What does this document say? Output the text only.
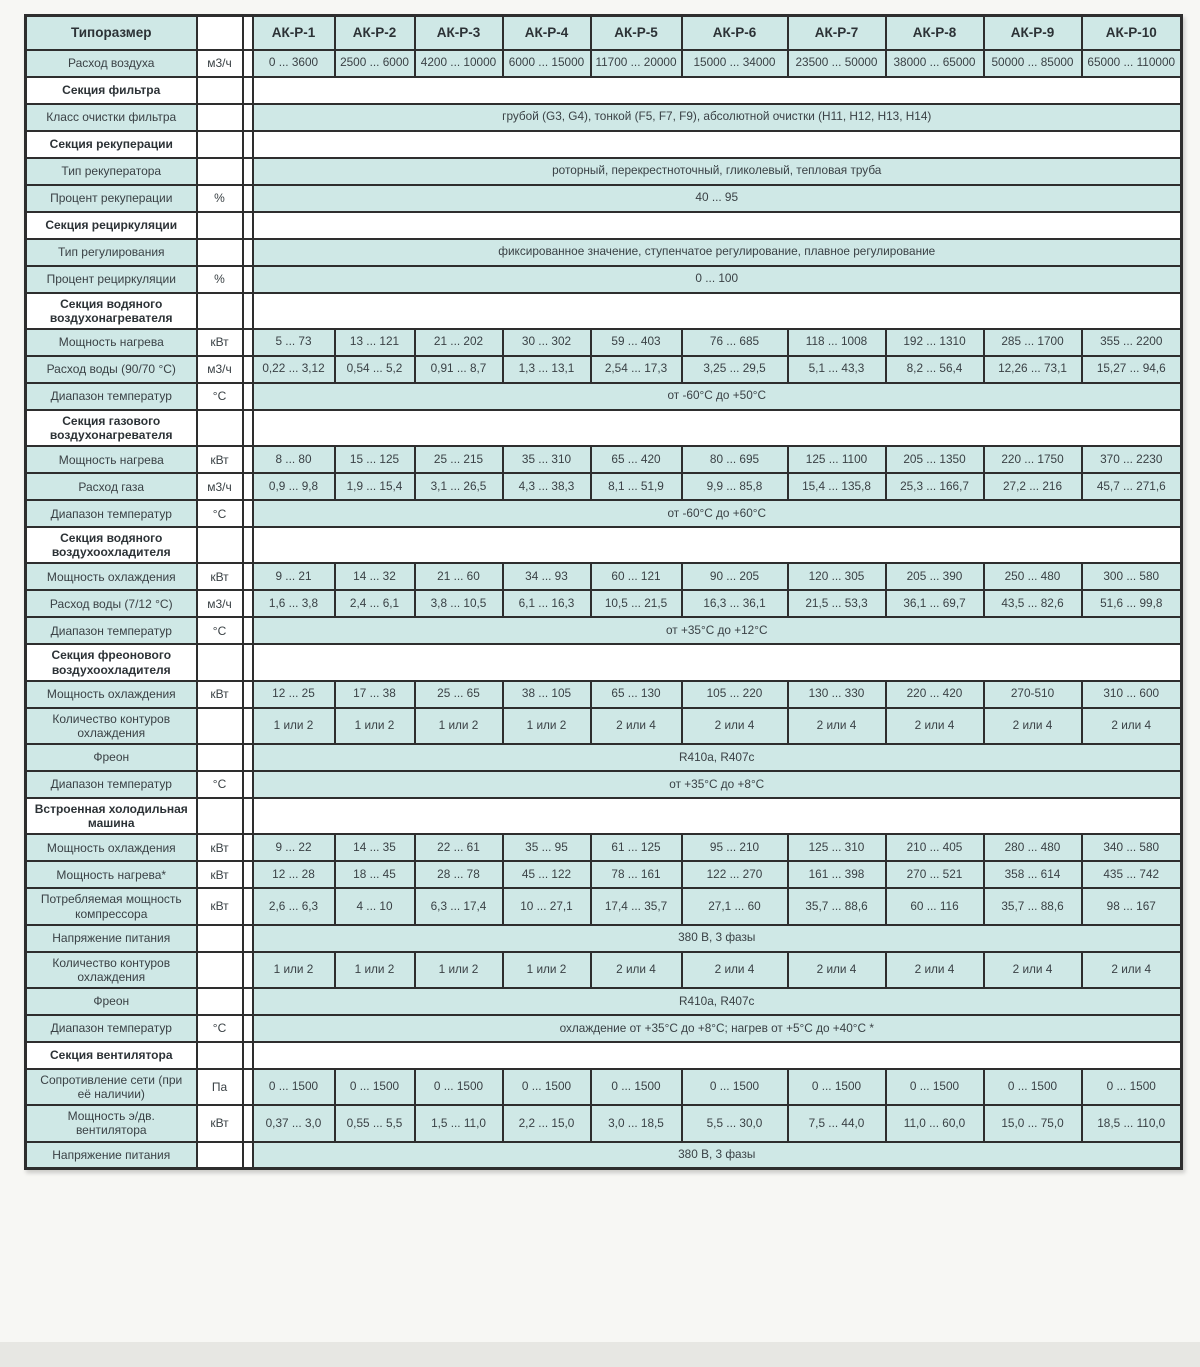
Типоразмер			АК-Р-1	АК-Р-2	АК-Р-3	АК-Р-4	АК-Р-5	АК-Р-6	АК-Р-7	АК-Р-8	АК-Р-9	АК-Р-10
Расход воздуха	м3/ч		0 ... 3600	2500 ... 6000	4200 ... 10000	6000 ... 15000	11700 ... 20000	15000 ... 34000	23500 ... 50000	38000 ... 65000	50000 ... 85000	65000 ... 110000
Секция фильтра												
Класс очистки фильтра			грубой (G3, G4), тонкой (F5, F7, F9), абсолютной очистки (H11, H12, H13, H14)									
Секция рекуперации												
Тип рекуператора			роторный, перекрестноточный, гликолевый, тепловая труба									
Процент рекуперации	%		40 ... 95									
Секция рециркуляции												
Тип регулирования			фиксированное значение, ступенчатое регулирование, плавное регулирование									
Процент рециркуляции	%		0 ... 100									
Секция водяного воздухонагревателя												
Мощность нагрева	кВт		5 ... 73	13 ... 121	21 ... 202	30 ... 302	59 ... 403	76 ... 685	118 ... 1008	192 ... 1310	285 ... 1700	355 ... 2200
Расход воды (90/70 °С)	м3/ч		0,22 ... 3,12	0,54 ... 5,2	0,91 ... 8,7	1,3 ... 13,1	2,54 ... 17,3	3,25 ... 29,5	5,1 ... 43,3	8,2 ... 56,4	12,26 ... 73,1	15,27 ... 94,6
Диапазон температур	°С		от -60°С до +50°С									
Секция газового воздухонагревателя												
Мощность нагрева	кВт		8 ... 80	15 ... 125	25 ... 215	35 ... 310	65 ... 420	80 ... 695	125 ... 1100	205 ... 1350	220 ... 1750	370 ... 2230
Расход газа	м3/ч		0,9 ... 9,8	1,9 ... 15,4	3,1 ... 26,5	4,3 ... 38,3	8,1 ... 51,9	9,9 ... 85,8	15,4 ... 135,8	25,3 ... 166,7	27,2 ... 216	45,7 ... 271,6
Диапазон температур	°С		от -60°С до +60°С									
Секция водяного воздухоохладителя												
Мощность охлаждения	кВт		9 ... 21	14 ... 32	21 ... 60	34 ... 93	60 ... 121	90 ... 205	120 ... 305	205 ... 390	250 ... 480	300 ... 580
Расход воды (7/12 °С)	м3/ч		1,6 ... 3,8	2,4 ... 6,1	3,8 ... 10,5	6,1 ... 16,3	10,5 ... 21,5	16,3 ... 36,1	21,5 ... 53,3	36,1 ... 69,7	43,5 ... 82,6	51,6 ... 99,8
Диапазон температур	°С		от +35°С до +12°С									
Секция фреонового воздухоохладителя												
Мощность охлаждения	кВт		12 ... 25	17 ... 38	25 ... 65	38 ... 105	65 ... 130	105 ... 220	130 ... 330	220 ... 420	270-510	310 ... 600
Количество контуров охлаждения			1 или 2	1 или 2	1 или 2	1 или 2	2 или 4	2 или 4	2 или 4	2 или 4	2 или 4	2 или 4
Фреон			R410a, R407c									
Диапазон температур	°С		от +35°С до +8°С									
Встроенная холодильная машина												
Мощность охлаждения	кВт		9 ... 22	14 ... 35	22 ... 61	35 ... 95	61 ... 125	95 ... 210	125 ... 310	210 ... 405	280 ... 480	340 ... 580
Мощность нагрева*	кВт		12 ... 28	18 ... 45	28 ... 78	45 ... 122	78 ... 161	122 ... 270	161 ... 398	270 ... 521	358 ... 614	435 ... 742
Потребляемая мощность компрессора	кВт		2,6 ... 6,3	4 ... 10	6,3 ... 17,4	10 ... 27,1	17,4 ... 35,7	27,1 ... 60	35,7 ... 88,6	60 ... 116	35,7 ... 88,6	98 ... 167
Напряжение питания			380 В, 3 фазы									
Количество контуров охлаждения			1 или 2	1 или 2	1 или 2	1 или 2	2 или 4	2 или 4	2 или 4	2 или 4	2 или 4	2 или 4
Фреон			R410a, R407c									
Диапазон температур	°С		охлаждение от +35°С до +8°С; нагрев от +5°С до +40°С *									
Секция вентилятора												
Сопротивление сети (при её наличии)	Па		0 ... 1500	0 ... 1500	0 ... 1500	0 ... 1500	0 ... 1500	0 ... 1500	0 ... 1500	0 ... 1500	0 ... 1500	0 ... 1500
Мощность э/дв. вентилятора	кВт		0,37 ... 3,0	0,55 ... 5,5	1,5 ... 11,0	2,2 ... 15,0	3,0 ... 18,5	5,5 ... 30,0	7,5 ... 44,0	11,0 ... 60,0	15,0 ... 75,0	18,5 ... 110,0
Напряжение питания			380 В, 3 фазы									
